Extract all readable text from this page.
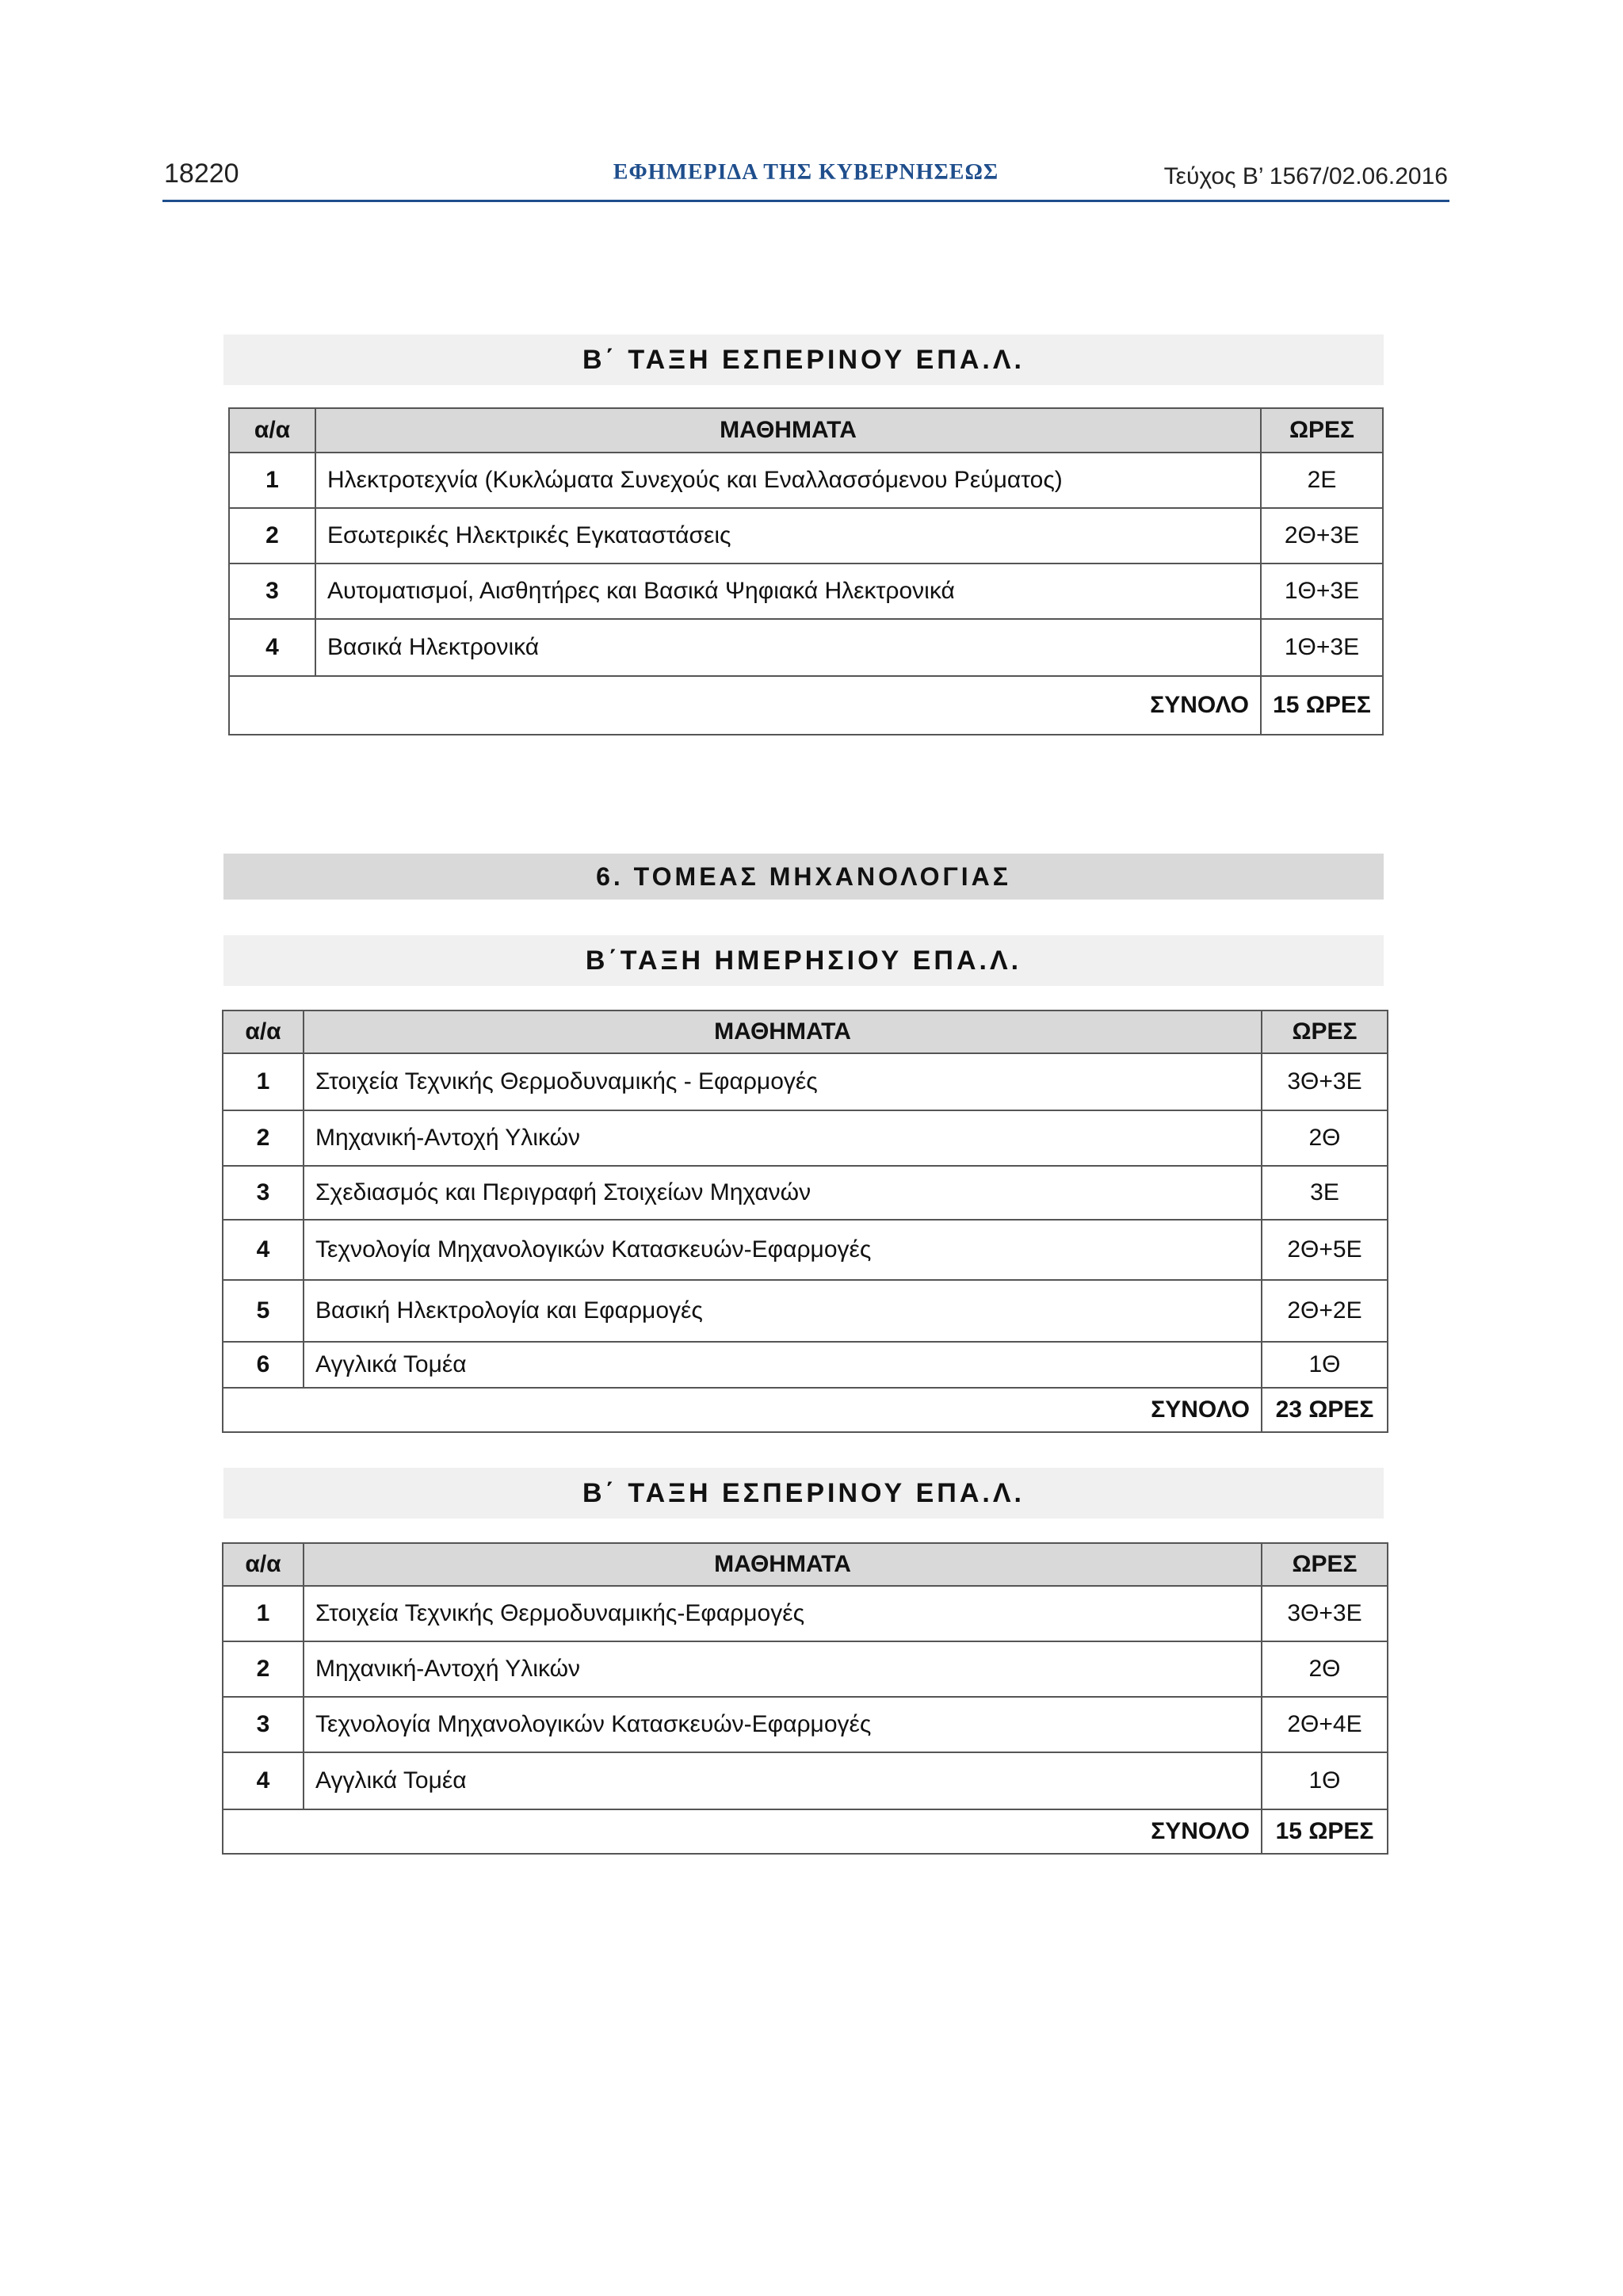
18220	ΕΦΗΜΕΡΙΔΑ ΤΗΣ ΚΥΒΕΡΝΗΣΕΩΣ	Τεύχος Β’ 1567/02.06.2016
Β΄ ΤΑΞΗ ΕΣΠΕΡΙΝΟΥ ΕΠΑ.Λ.
α/α	ΜΑΘΗΜΑΤΑ	ΩΡΕΣ
1	Ηλεκτροτεχνία (Κυκλώματα Συνεχούς και Εναλλασσόμενου Ρεύματος)	2Ε
2	Εσωτερικές Ηλεκτρικές Εγκαταστάσεις	2Θ+3Ε
3	Αυτοματισμοί, Αισθητήρες και Βασικά Ψηφιακά Ηλεκτρονικά	1Θ+3Ε
4	Βασικά Ηλεκτρονικά	1Θ+3Ε
ΣΥΝΟΛΟ		15 ΩΡΕΣ
6. ΤΟΜΕΑΣ ΜΗΧΑΝΟΛΟΓΙΑΣ
Β΄ΤΑΞΗ ΗΜΕΡΗΣΙΟΥ ΕΠΑ.Λ.
α/α	ΜΑΘΗΜΑΤΑ	ΩΡΕΣ
1	Στοιχεία Τεχνικής Θερμοδυναμικής - Εφαρμογές	3Θ+3Ε
2	Μηχανική-Αντοχή Υλικών	2Θ
3	Σχεδιασμός και Περιγραφή Στοιχείων Μηχανών	3Ε
4	Τεχνολογία Μηχανολογικών Κατασκευών-Εφαρμογές	2Θ+5Ε
5	Βασική Ηλεκτρολογία και Εφαρμογές	2Θ+2Ε
6	Αγγλικά Τομέα	1Θ
ΣΥΝΟΛΟ		23 ΩΡΕΣ
Β΄ ΤΑΞΗ ΕΣΠΕΡΙΝΟΥ ΕΠΑ.Λ.
α/α	ΜΑΘΗΜΑΤΑ	ΩΡΕΣ
1	Στοιχεία Τεχνικής Θερμοδυναμικής-Εφαρμογές	3Θ+3Ε
2	Μηχανική-Αντοχή Υλικών	2Θ
3	Τεχνολογία Μηχανολογικών Κατασκευών-Εφαρμογές	2Θ+4Ε
4	Αγγλικά Τομέα	1Θ
ΣΥΝΟΛΟ		15 ΩΡΕΣ
